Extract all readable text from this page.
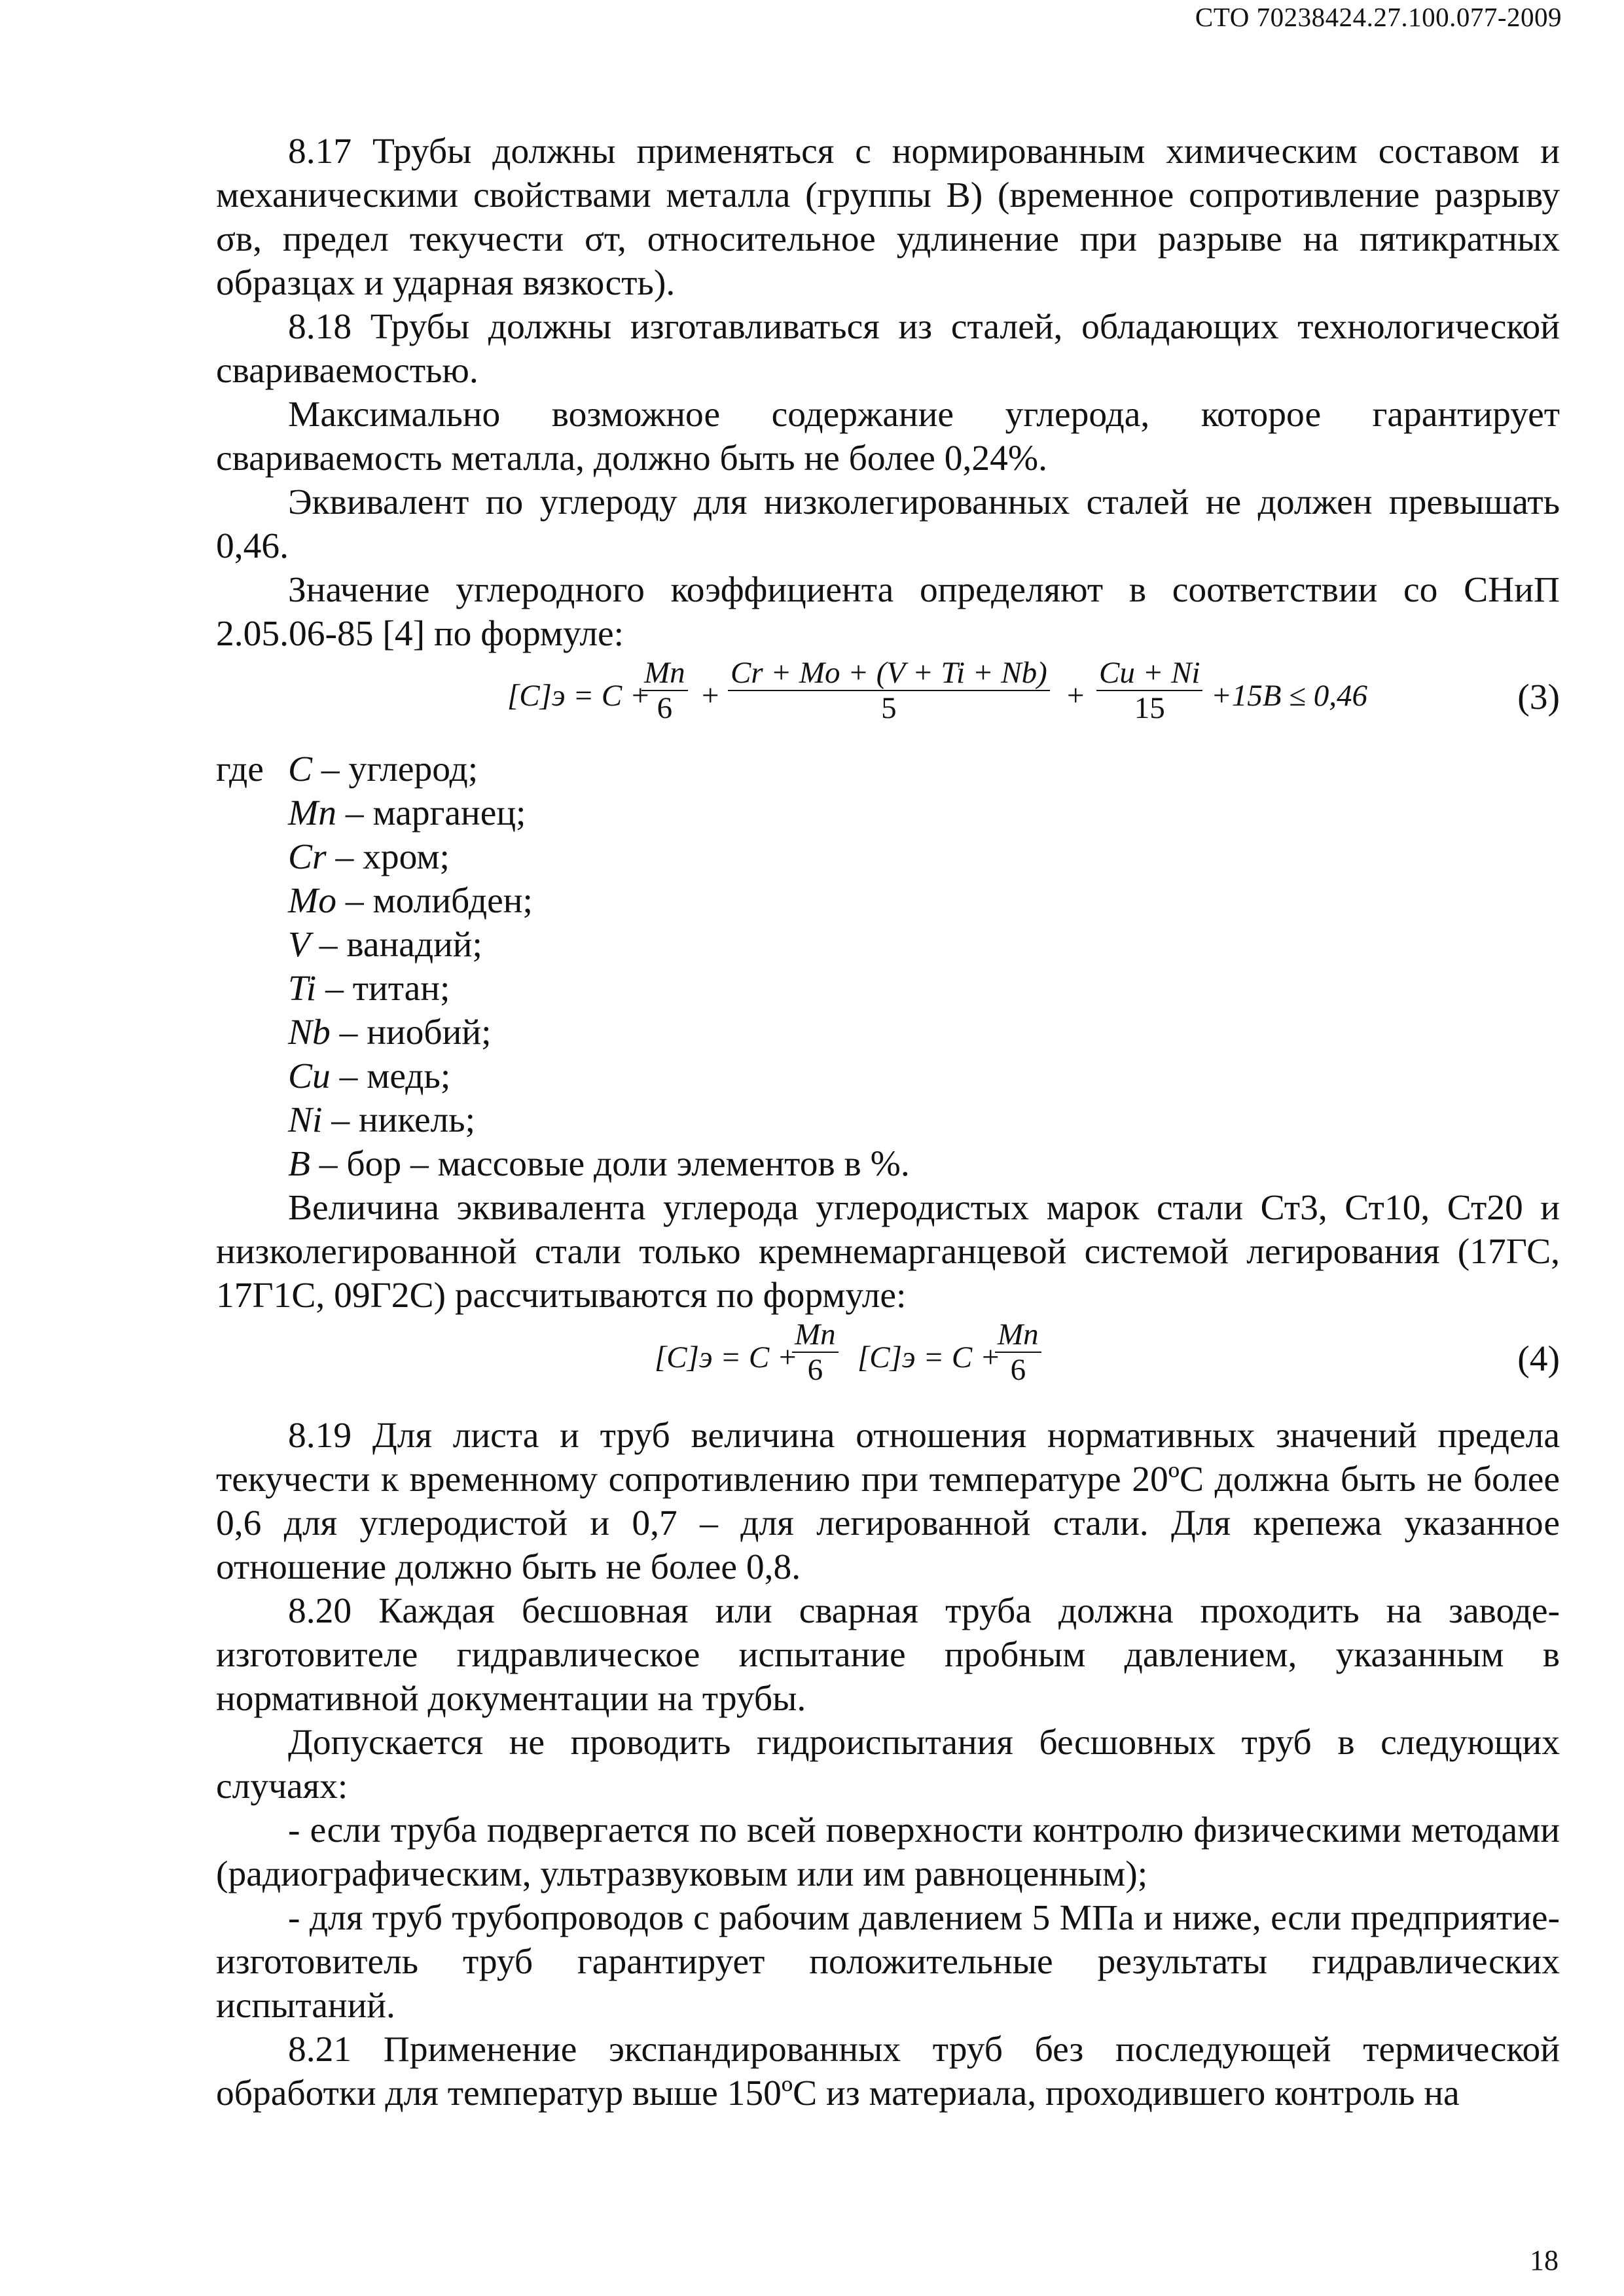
СТО 70238424.27.100.077-2009

8.17 Трубы должны применяться с нормированным химическим составом и механическими свойствами металла (группы В) (временное сопротивление разрыву σв, предел текучести σт, относительное удлинение при разрыве на пятикратных образцах и ударная вязкость).

8.18 Трубы должны изготавливаться из сталей, обладающих технологической свариваемостью.

Максимально возможное содержание углерода, которое гарантирует свариваемость металла, должно быть не более 0,24%.

Эквивалент по углероду для низколегированных сталей не должен превышать 0,46.

Значение углеродного коэффициента определяют в соответствии со СНиП 2.05.06-85 [4] по формуле:

[C]э = C +
$\frac{Mn}{6} + \frac{Cr + Mo + (V + Ti + Nb)}{5} + \frac{Cu + Ni}{15} +15B \le 0,46$	(3)
где C – углерод;
Mn – марганец;
Cr – хром;
Mo – молибден;
V – ванадий;
Ti – титан;
Nb – ниобий;
Cu – медь;
Ni – никель;
B – бор – массовые доли элементов в %.

Величина эквивалента углерода углеродистых марок стали Ст3, Ст10, Ст20 и низколегированной стали только кремнемарганцевой системой легирования (17ГС, 17Г1С, 09Г2С) рассчитываются по формуле:

[C]э = C +
$\frac{Mn}{6} [C]э = C$ +
$\frac{Mn}{6}$	(4)

8.19 Для листа и труб величина отношения нормативных значений предела текучести к временному сопротивлению при температуре 20ºС должна быть не более 0,6 для углеродистой и 0,7 – для легированной стали. Для крепежа указанное отношение должно быть не более 0,8.

8.20 Каждая бесшовная или сварная труба должна проходить на заводе-изготовителе гидравлическое испытание пробным давлением, указанным в нормативной документации на трубы.

Допускается не проводить гидроиспытания бесшовных труб в следующих случаях:

- если труба подвергается по всей поверхности контролю физическими методами (радиографическим, ультразвуковым или им равноценным);

- для труб трубопроводов с рабочим давлением 5 МПа и ниже, если предприятие-изготовитель труб гарантирует положительные результаты гидравлических испытаний.

8.21 Применение экспандированных труб без последующей термической обработки для температур выше 150ºС из материала, проходившего контроль на

18
